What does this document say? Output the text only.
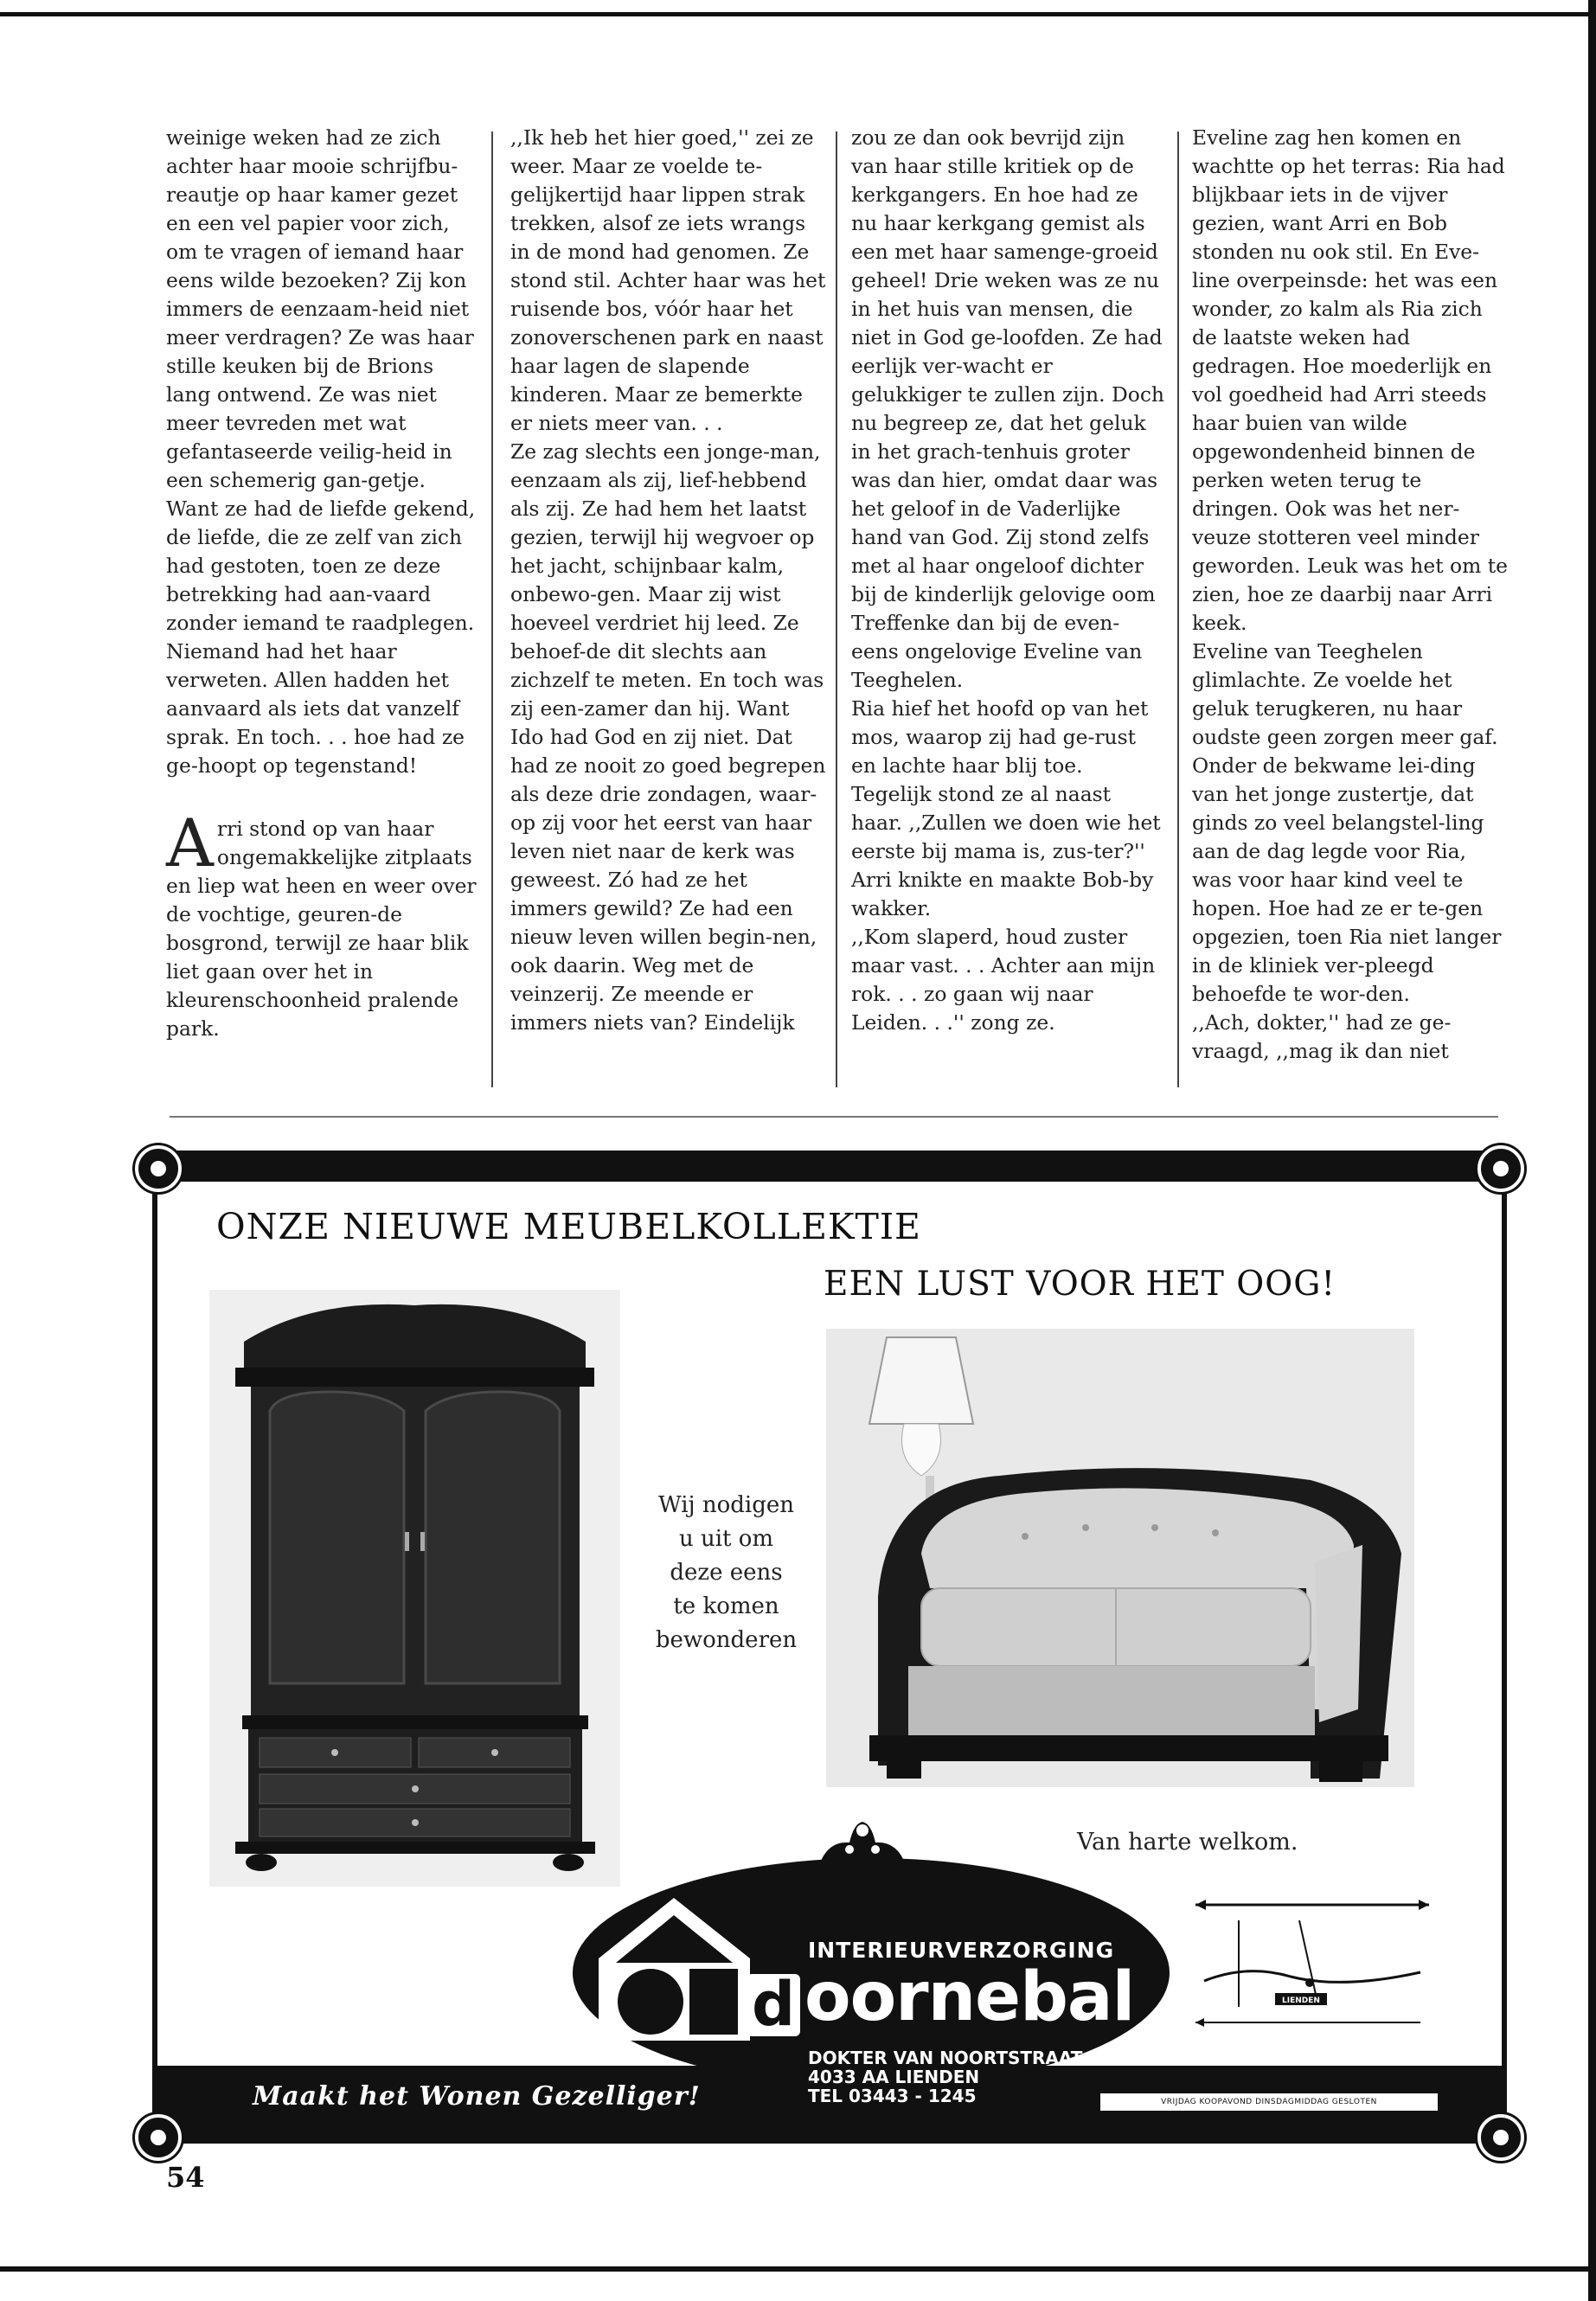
weinige weken had ze zich achter haar mooie schrijfbu-reautje op haar kamer gezet en een vel papier voor zich, om te vragen of iemand haar eens wilde bezoeken? Zij kon immers de eenzaam-heid niet meer verdragen? Ze was haar stille keuken bij de Brions lang ontwend. Ze was niet meer tevreden met wat gefantaseerde veilig-heid in een schemerig gan-getje. Want ze had de liefde gekend, de liefde, die ze zelf van zich had gestoten, toen ze deze betrekking had aan-vaard zonder iemand te raadplegen. Niemand had het haar verweten. Allen hadden het aanvaard als iets dat vanzelf sprak. En toch. . . hoe had ze ge-hoopt op tegenstand!

Arri stond op van haar ongemakkelijke zitplaats en liep wat heen en weer over de vochtige, geuren-de bosgrond, terwijl ze haar blik liet gaan over het in kleurenschoonheid pralende park.

,,Ik heb het hier goed,'' zei ze weer. Maar ze voelde te-gelijkertijd haar lippen strak trekken, alsof ze iets wrangs in de mond had genomen. Ze stond stil. Achter haar was het ruisende bos, vóór haar het zonoverschenen park en naast haar lagen de slapende kinderen. Maar ze bemerkte er niets meer van. . .

Ze zag slechts een jonge-man, eenzaam als zij, lief-hebbend als zij. Ze had hem het laatst gezien, terwijl hij wegvoer op het jacht, schijnbaar kalm, onbewo-gen. Maar zij wist hoeveel verdriet hij leed. Ze behoef-de dit slechts aan zichzelf te meten. En toch was zij een-zamer dan hij. Want Ido had God en zij niet. Dat had ze nooit zo goed begrepen als deze drie zondagen, waar-op zij voor het eerst van haar leven niet naar de kerk was geweest. Zó had ze het immers gewild? Ze had een nieuw leven willen begin-nen, ook daarin. Weg met de veinzerij. Ze meende er immers niets van? Eindelijk

zou ze dan ook bevrijd zijn van haar stille kritiek op de kerkgangers. En hoe had ze nu haar kerkgang gemist als een met haar samenge-groeid geheel! Drie weken was ze nu in het huis van mensen, die niet in God ge-loofden. Ze had eerlijk ver-wacht er gelukkiger te zullen zijn. Doch nu begreep ze, dat het geluk in het grach-tenhuis groter was dan hier, omdat daar was het geloof in de Vaderlijke hand van God. Zij stond zelfs met al haar ongeloof dichter bij de kinderlijk gelovige oom Treffenke dan bij de even-eens ongelovige Eveline van Teeghelen.

Ria hief het hoofd op van het mos, waarop zij had ge-rust en lachte haar blij toe. Tegelijk stond ze al naast haar. ,,Zullen we doen wie het eerste bij mama is, zus-ter?''

Arri knikte en maakte Bob-by wakker.

,,Kom slaperd, houd zuster maar vast. . . Achter aan mijn rok. . . zo gaan wij naar Leiden. . .'' zong ze.

Eveline zag hen komen en wachtte op het terras: Ria had blijkbaar iets in de vijver gezien, want Arri en Bob stonden nu ook stil. En Eve-line overpeinsde: het was een wonder, zo kalm als Ria zich de laatste weken had gedragen. Hoe moederlijk en vol goedheid had Arri steeds haar buien van wilde opgewondenheid binnen de perken weten terug te dringen. Ook was het ner-veuze stotteren veel minder geworden. Leuk was het om te zien, hoe ze daarbij naar Arri keek.

Eveline van Teeghelen glimlachte. Ze voelde het geluk terugkeren, nu haar oudste geen zorgen meer gaf. Onder de bekwame lei-ding van het jonge zustertje, dat ginds zo veel belangstel-ling aan de dag legde voor Ria, was voor haar kind veel te hopen. Hoe had ze er te-gen opgezien, toen Ria niet langer in de kliniek ver-pleegd behoefde te wor-den.

,,Ach, dokter,'' had ze ge-vraagd, ,,mag ik dan niet

ONZE NIEUWE MEUBELKOLLEKTIE
EEN LUST VOOR HET OOG!
Wij nodigen
u uit om
deze eens
te komen
bewonderen
Van harte welkom.
INTERIEURVERZORGING
d oornebal
DOKTER VAN NOORTSTRAAT 7
4033 AA LIENDEN
TEL 03443 - 1245
LIENDEN
Maakt het Wonen Gezelliger!	VRIJDAG KOOPAVOND DINSDAGMIDDAG GESLOTEN
54
